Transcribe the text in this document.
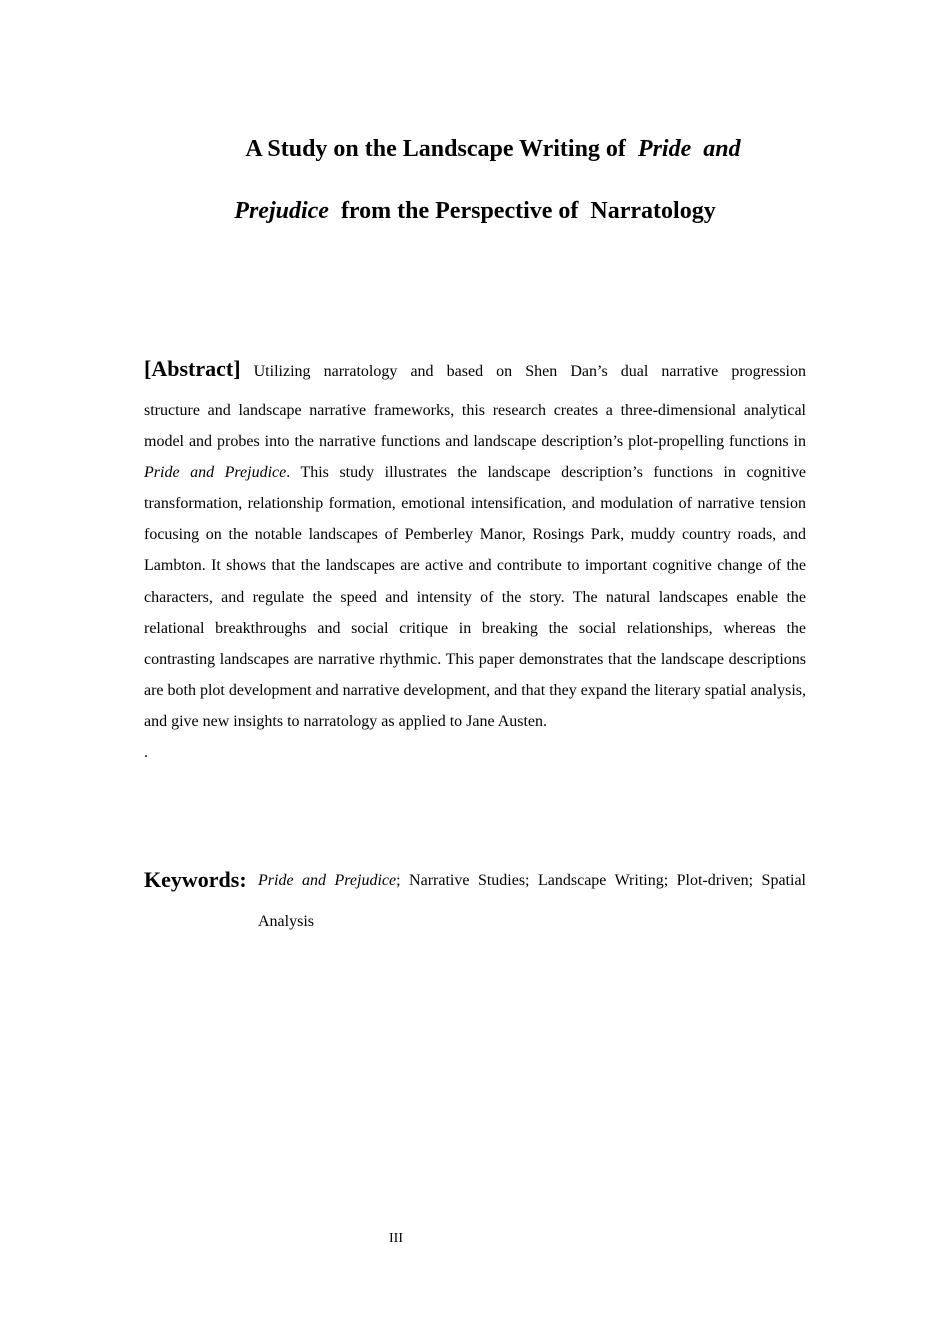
A Study on the Landscape Writing of Pride and
Prejudice from the Perspective of Narratology
[Abstract] Utilizing narratology and based on Shen Dan’s dual narrative progression
structure and landscape narrative frameworks, this research creates a three-dimensional analytical model and probes into the narrative functions and landscape description’s plot-propelling functions in Pride and Prejudice. This study illustrates the landscape description’s functions in cognitive transformation, relationship formation, emotional intensification, and modulation of narrative tension focusing on the notable landscapes of Pemberley Manor, Rosings Park, muddy country roads, and Lambton. It shows that the landscapes are active and contribute to important cognitive change of the characters, and regulate the speed and intensity of the story. The natural landscapes enable the relational breakthroughs and social critique in breaking the social relationships, whereas the contrasting landscapes are narrative rhythmic. This paper demonstrates that the landscape descriptions are both plot development and narrative development, and that they expand the literary spatial analysis, and give new insights to narratology as applied to Jane Austen.
.
Keywords: Pride and Prejudice; Narrative Studies; Landscape Writing; Plot-driven; Spatial
Analysis
III
